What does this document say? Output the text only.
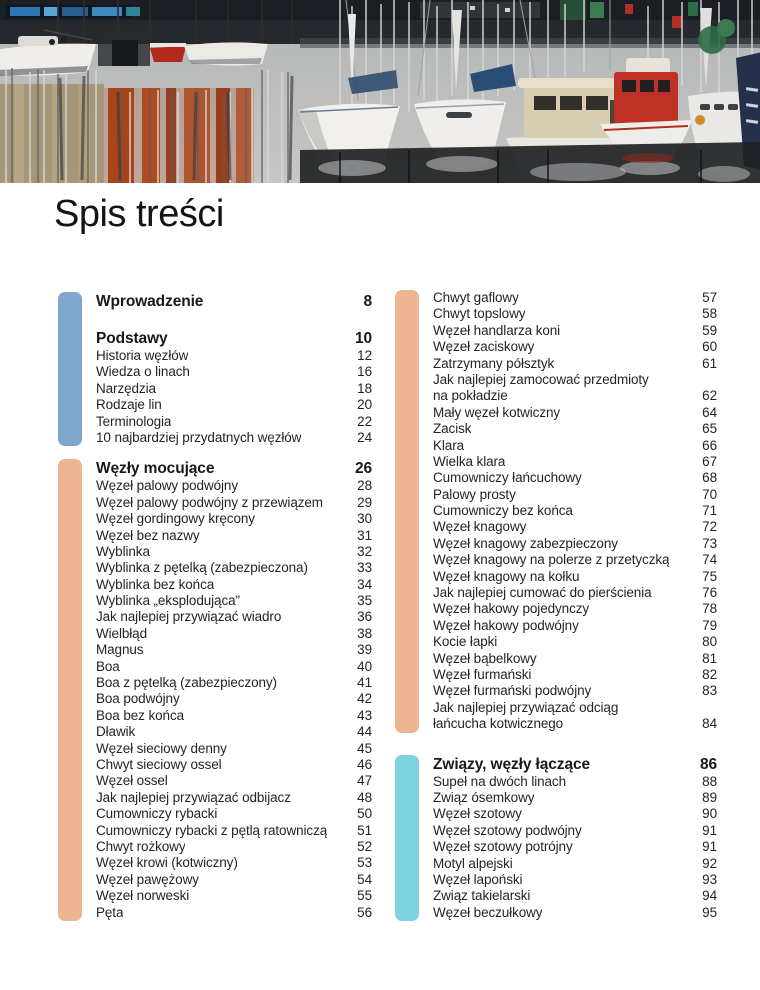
Spis treści
Wprowadzenie	8
Podstawy	10
Historia węzłów	12
Wiedza o linach	16
Narzędzia	18
Rodzaje lin	20
Terminologia	22
10 najbardziej przydatnych węzłów	24
Węzły mocujące	26
Węzeł palowy podwójny	28
Węzeł palowy podwójny z przewiązem	29
Węzeł gordingowy kręcony	30
Węzeł bez nazwy	31
Wyblinka	32
Wyblinka z pętelką (zabezpieczona)	33
Wyblinka bez końca	34
Wyblinka „eksplodująca”	35
Jak najlepiej przywiązać wiadro	36
Wielbłąd	38
Magnus	39
Boa	40
Boa z pętelką (zabezpieczony)	41
Boa podwójny	42
Boa bez końca	43
Dławik	44
Węzeł sieciowy denny	45
Chwyt sieciowy ossel	46
Węzeł ossel	47
Jak najlepiej przywiązać odbijacz	48
Cumowniczy rybacki	50
Cumowniczy rybacki z pętlą ratowniczą 51
Chwyt rożkowy	52
Węzeł krowi (kotwiczny)	53
Węzeł pawężowy	54
Węzeł norweski	55
Pęta	56
Chwyt gaflowy	57
Chwyt topslowy	58
Węzeł handlarza koni	59
Węzeł zaciskowy	60
Zatrzymany półsztyk	61
Jak najlepiej zamocować przedmioty
na pokładzie	62
Mały węzeł kotwiczny	64
Zacisk	65
Klara	66
Wielka klara	67
Cumowniczy łańcuchowy	68
Palowy prosty	70
Cumowniczy bez końca	71
Węzeł knagowy	72
Węzeł knagowy zabezpieczony	73
Węzeł knagowy na polerze z przetyczką 74
Węzeł knagowy na kołku	75
Jak najlepiej cumować do pierścienia	76
Węzeł hakowy pojedynczy	78
Węzeł hakowy podwójny	79
Kocie łapki	80
Węzeł bąbelkowy	81
Węzeł furmański	82
Węzeł furmański podwójny	83
Jak najlepiej przywiązać odciąg
łańcucha kotwicznego	84
Związy, węzły łączące	86
Supeł na dwóch linach	88
Związ ósemkowy	89
Węzeł szotowy	90
Węzeł szotowy podwójny	91
Węzeł szotowy potrójny	91
Motyl alpejski	92
Węzeł lapoński	93
Związ takielarski	94
Węzeł beczułkowy	95
